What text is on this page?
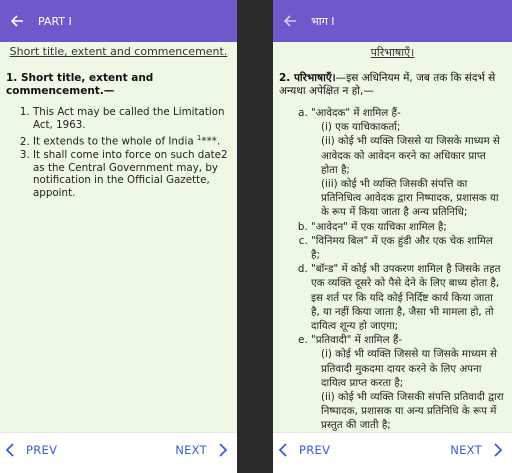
PART I
Short title, extent and commencement.
1. Short title, extent and commencement.—
1. This Act may be called the Limitation Act, 1963.
2. It extends to the whole of India $^1$***.
3. It shall come into force on such date2 as the Central Government may, by notification in the Official Gazette, appoint.
PREV	NEXT
भाग I
परिभाषाएँ।
2. परिभाषाएँ।—इस अधिनियम में, जब तक कि संदर्भ से अन्यथा अपेक्षित न हो,—
a. "आवेदक" में शामिल हैं-
(i) एक याचिकाकर्ता;
(ii) कोई भी व्यक्ति जिससे या जिसके माध्यम से आवेदक को आवेदन करने का अधिकार प्राप्त होता है;
(iii) कोई भी व्यक्ति जिसकी संपत्ति का प्रतिनिधित्व आवेदक द्वारा निष्पादक, प्रशासक या के रूप में किया जाता है अन्य प्रतिनिधि;
b. "आवेदन" में एक याचिका शामिल है;
c. "विनिमय बिल" में एक हुंडी और एक चेक शामिल है;
d. "बॉन्ड" में कोई भी उपकरण शामिल है जिसके तहत एक व्यक्ति दूसरे को पैसे देने के लिए बाध्य होता है, इस शर्त पर कि यदि कोई निर्दिष्ट कार्य किया जाता है, या नहीं किया जाता है, जैसा भी मामला हो, तो दायित्व शून्य हो जाएगा;
e. "प्रतिवादी" में शामिल हैं-
(i) कोई भी व्यक्ति जिससे या जिसके माध्यम से प्रतिवादी मुकदमा दायर करने के लिए अपना दायित्व प्राप्त करता है;
(ii) कोई भी व्यक्ति जिसकी संपत्ति प्रतिवादी द्वारा निष्पादक, प्रशासक या अन्य प्रतिनिधि के रूप में प्रस्तुत की जाती है;
PREV	NEXT
